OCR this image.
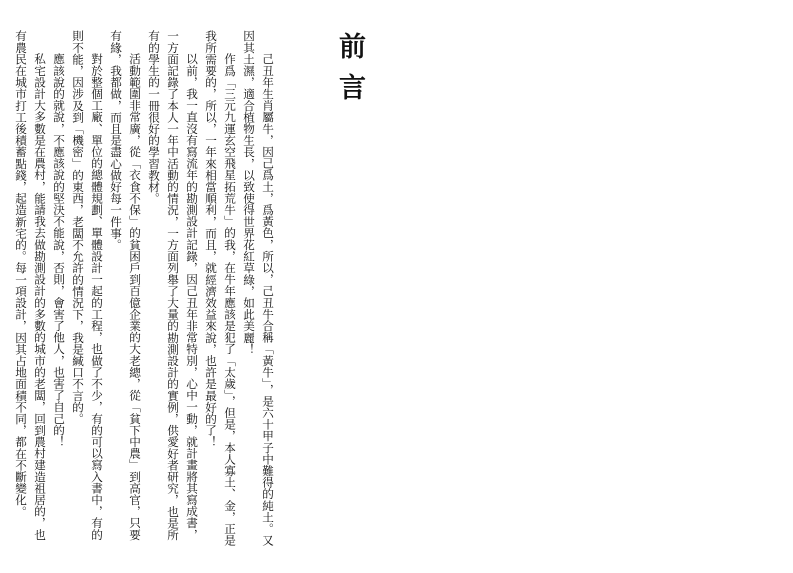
前言

己丑年生肖屬牛，因己爲土，爲黃色，所以，己丑牛合稱「黃牛」，是六十甲子中難得的純土。又因其土濕，適合植物生長，以致使得世界花紅草綠，如此美麗！

作爲「三元九運玄空飛星拓荒牛」的我，在牛年應該是犯了「太歲」，但是，本人寡土、金，正是我所需要的，所以，一年來相當順利，而且，就經濟效益來說，也許是最好的了！

以前，我一直沒有寫流年的勘測設計記錄，因己丑年非常特別，心中一動，就計畫將其寫成書，一方面記錄了本人一年中活動的情況，一方面列舉了大量的勘測設計的實例，供愛好者研究，也是所有的學生的一冊很好的學習教材。

活動範圍非常廣，從「衣食不保」的貧困戶到百億企業的大老總，從「貧下中農」到高官，只要有緣，我都做，而且是盡心做好每一件事。

對於整個工廠、單位的總體規劃、單體設計一起的工程，也做了不少，有的可以寫入書中，有的則不能，因涉及到「機密」的東西，老闆不允許的情況下，我是緘口不言的。

應該說的就說，不應該說的堅決不能說，否則，會害了他人，也害了自己的！

私宅設計大多數是在農村，能請我去做勘測設計的多數的城市的老闆，回到農村建造祖居的，也有農民在城市打工後積蓄點錢，起造新宅的。每一項設計，因其占地面積不同，都在不斷變化。
